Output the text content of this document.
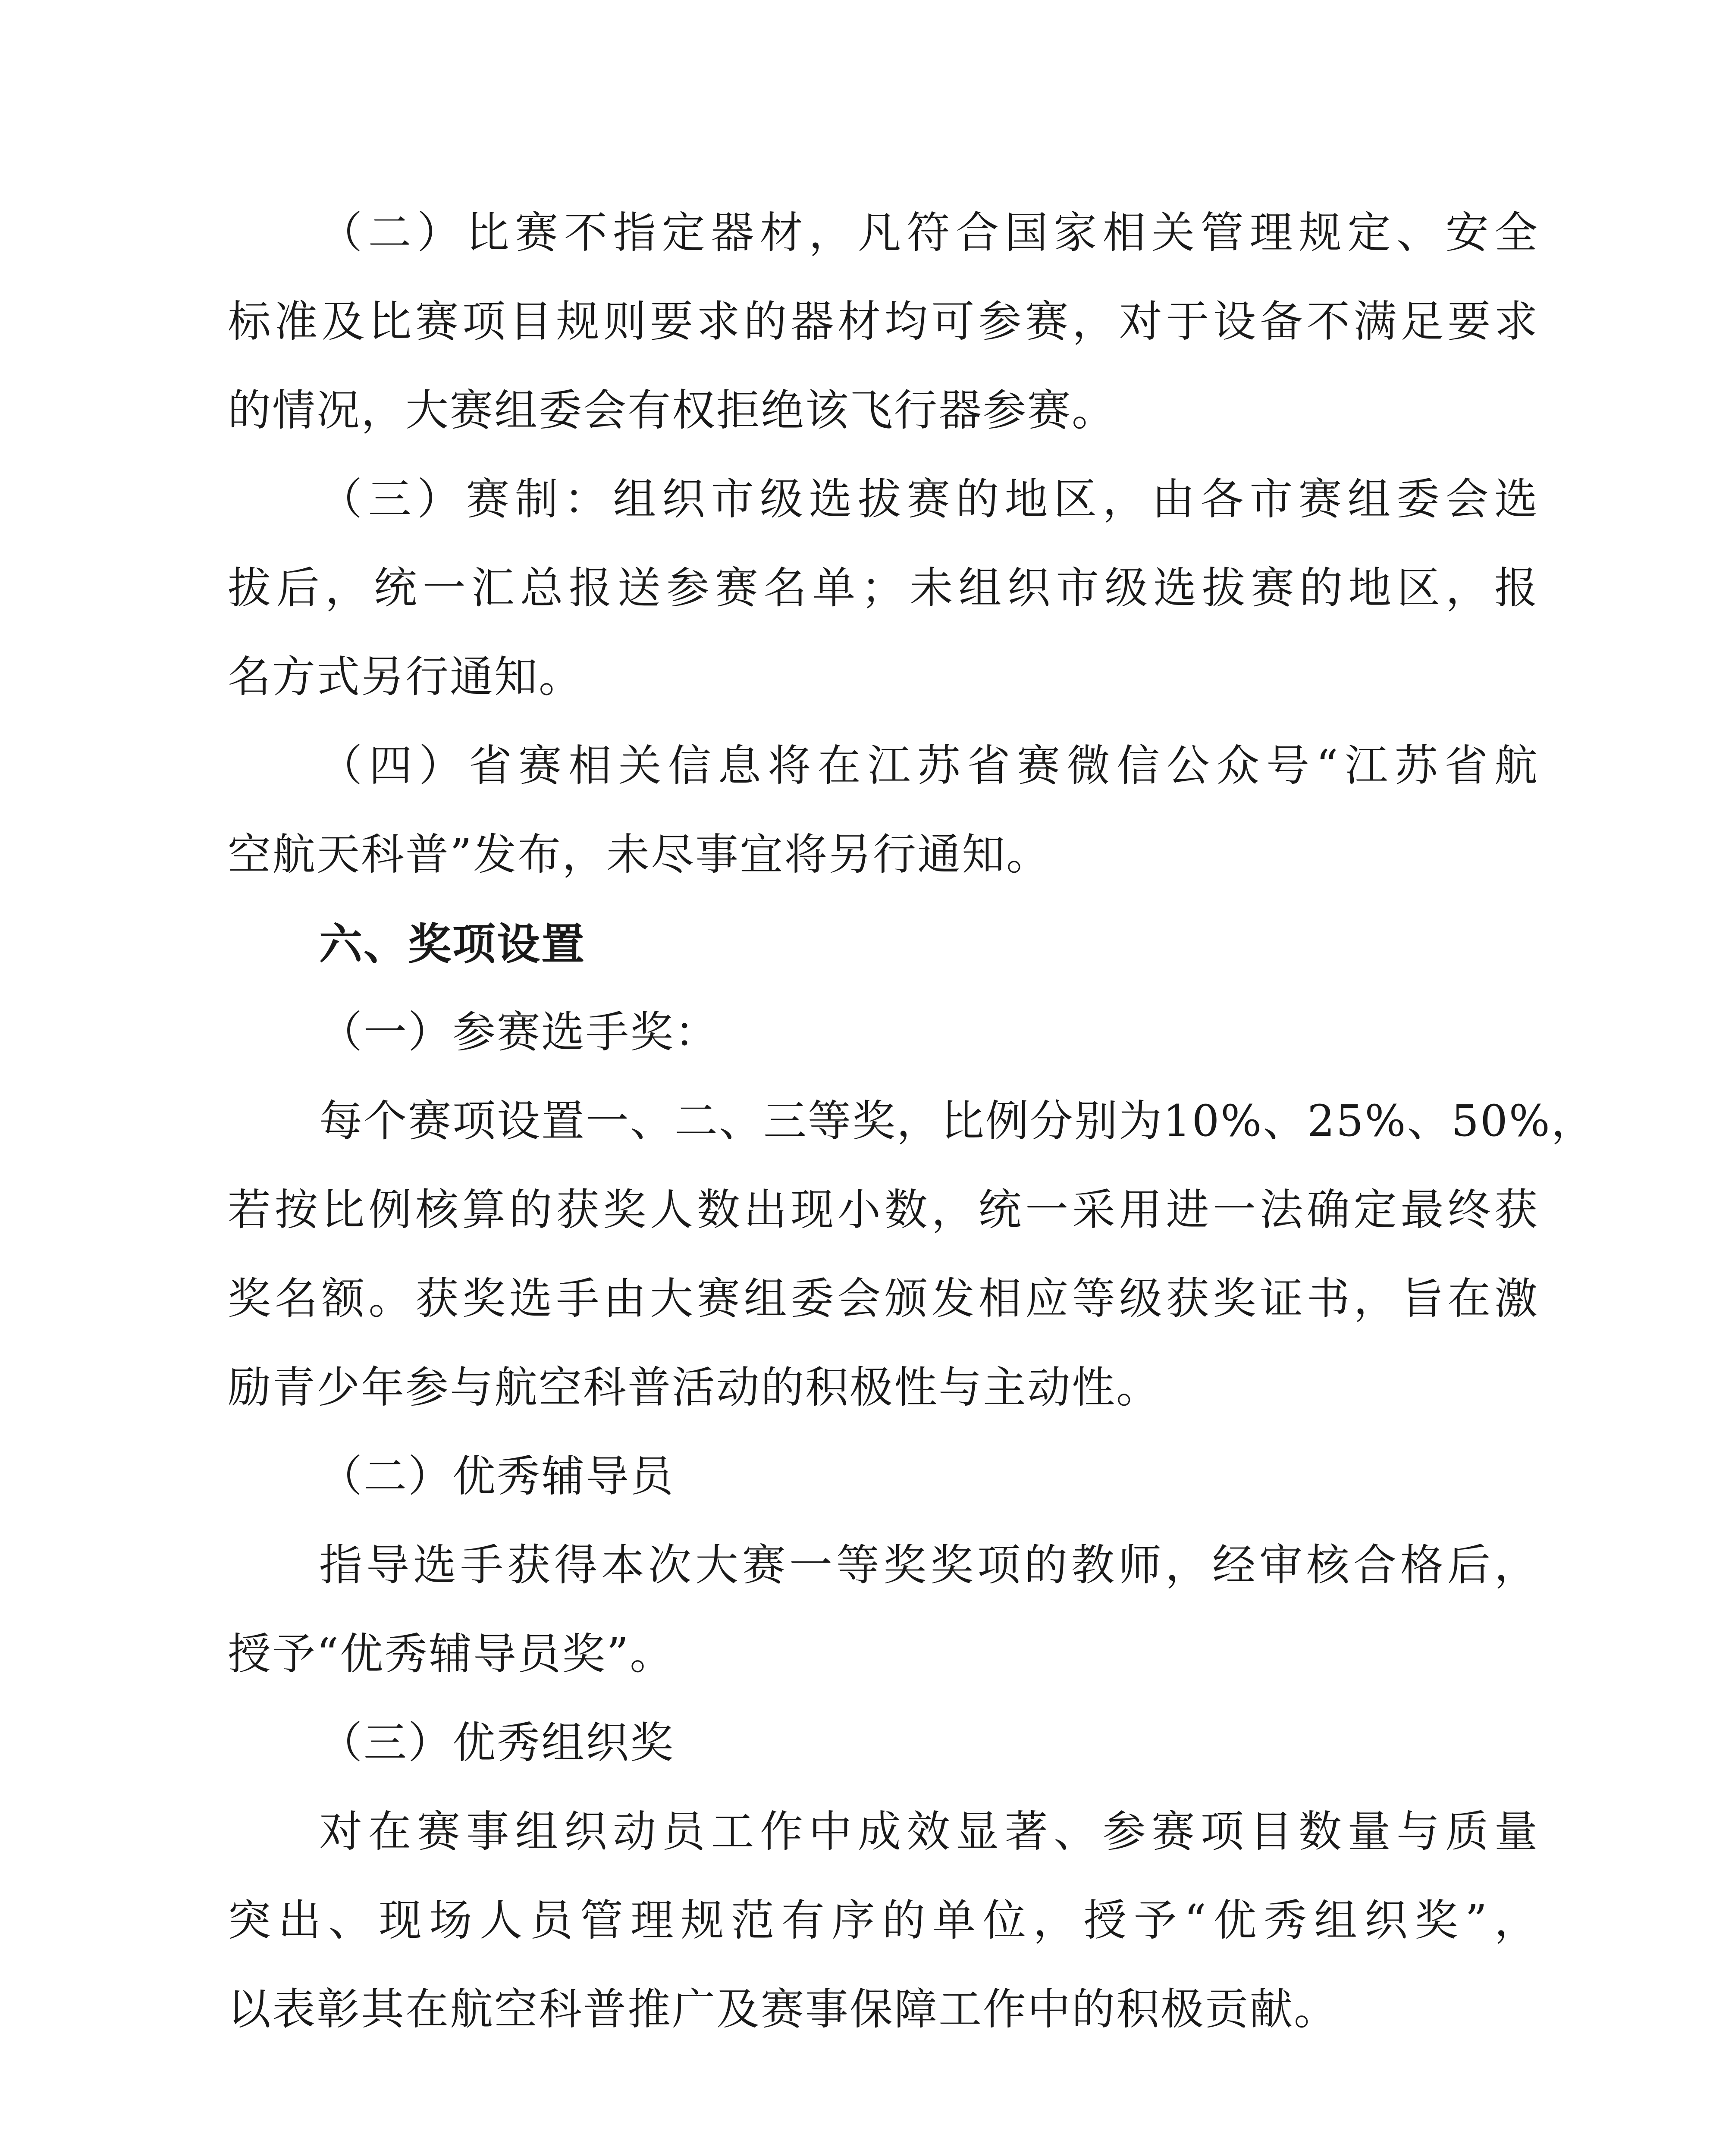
（二）比赛不指定器材，凡符合国家相关管理规定、安全
标准及比赛项目规则要求的器材均可参赛，对于设备不满足要求
的情况，大赛组委会有权拒绝该飞行器参赛。
（三）赛制：组织市级选拔赛的地区，由各市赛组委会选
拔后，统一汇总报送参赛名单；未组织市级选拔赛的地区，报
名方式另行通知。
（四）省赛相关信息将在江苏省赛微信公众号“江苏省航
空航天科普”发布，未尽事宜将另行通知。
六、奖项设置
（一）参赛选手奖：
每个赛项设置一、二、三等奖，比例分别为10%、25%、50%，
若按比例核算的获奖人数出现小数，统一采用进一法确定最终获
奖名额。获奖选手由大赛组委会颁发相应等级获奖证书，旨在激
励青少年参与航空科普活动的积极性与主动性。
（二）优秀辅导员
指导选手获得本次大赛一等奖奖项的教师，经审核合格后，
授予“优秀辅导员奖”。
（三）优秀组织奖
对在赛事组织动员工作中成效显著、参赛项目数量与质量
突出、现场人员管理规范有序的单位，授予“优秀组织奖”，
以表彰其在航空科普推广及赛事保障工作中的积极贡献。
